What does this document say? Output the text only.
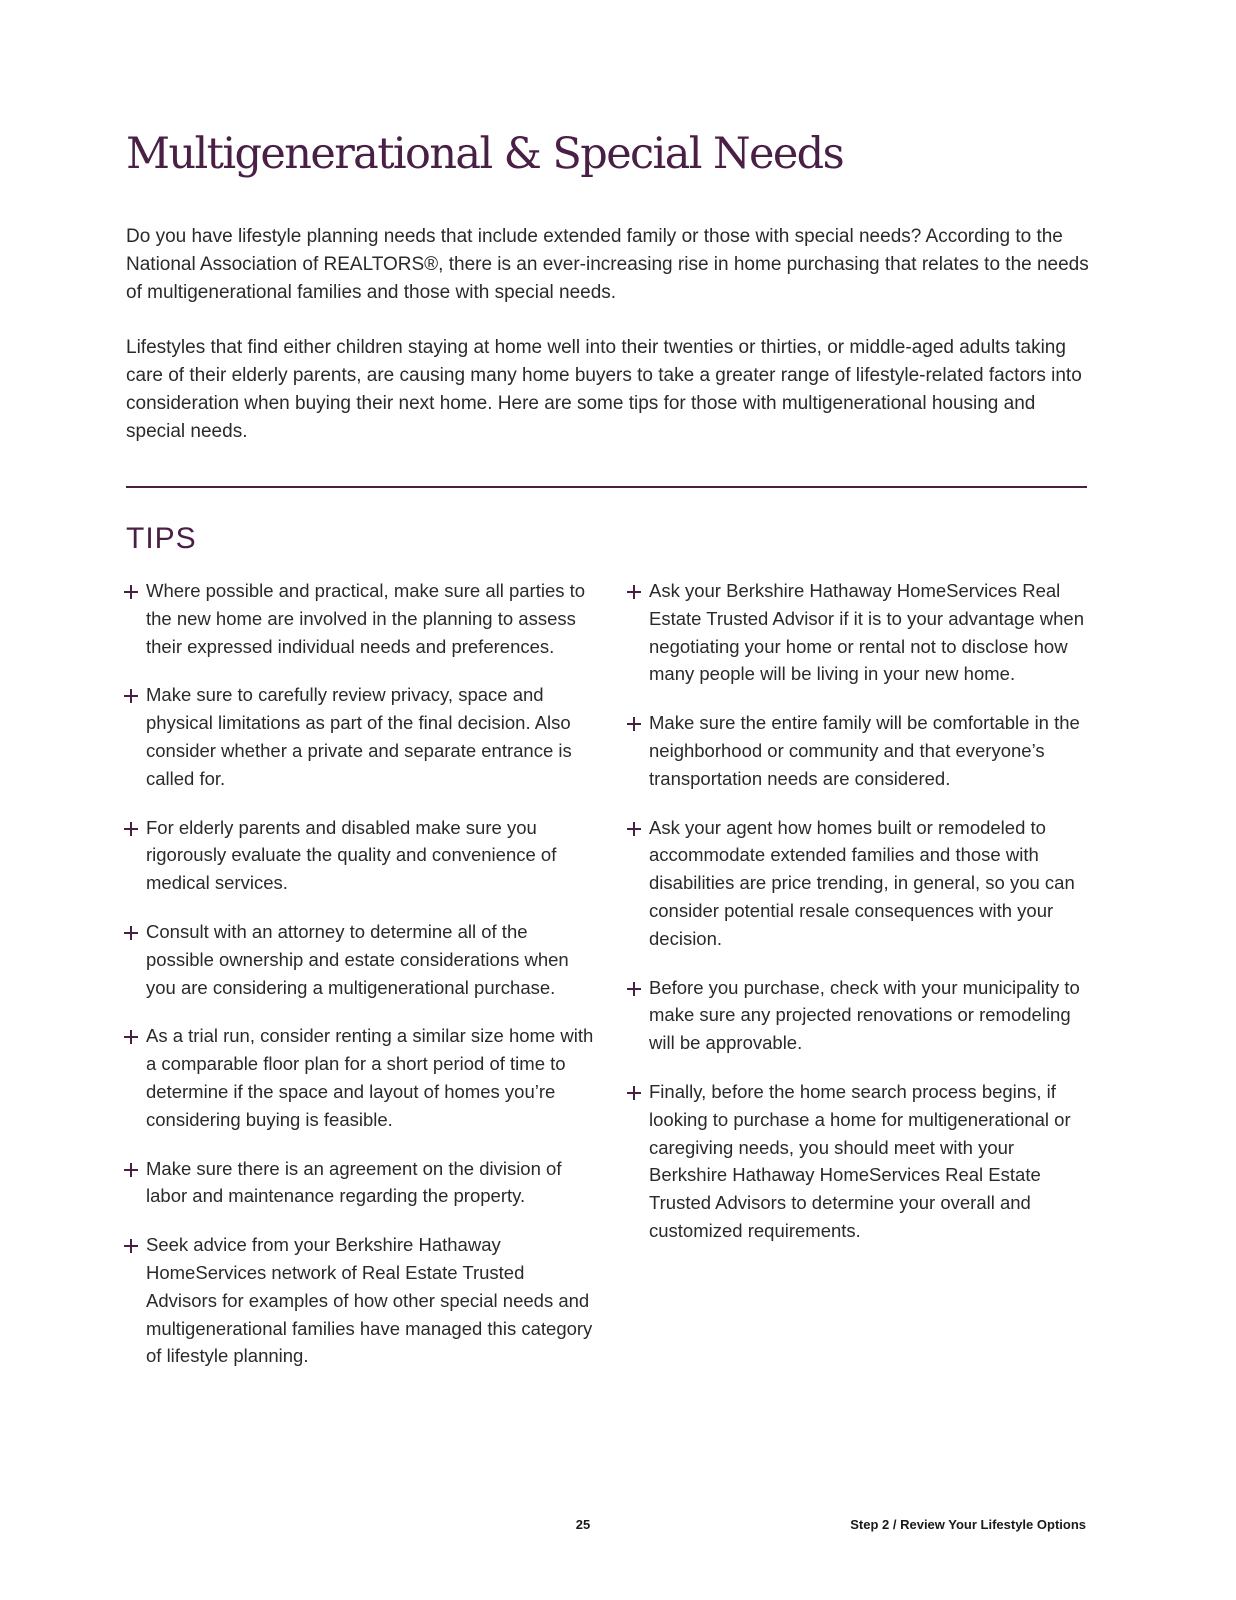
Multigenerational & Special Needs

Do you have lifestyle planning needs that include extended family or those with special needs? According to the National Association of REALTORS®, there is an ever-increasing rise in home purchasing that relates to the needs of multigenerational families and those with special needs.

Lifestyles that find either children staying at home well into their twenties or thirties, or middle-aged adults taking care of their elderly parents, are causing many home buyers to take a greater range of lifestyle-related factors into consideration when buying their next home. Here are some tips for those with multigenerational housing and special needs.

TIPS
Where possible and practical, make sure all parties to the new home are involved in the planning to assess their expressed individual needs and preferences.
Make sure to carefully review privacy, space and physical limitations as part of the final decision. Also consider whether a private and separate entrance is called for.
For elderly parents and disabled make sure you rigorously evaluate the quality and convenience of medical services.
Consult with an attorney to determine all of the possible ownership and estate considerations when you are considering a multigenerational purchase.
As a trial run, consider renting a similar size home with a comparable floor plan for a short period of time to determine if the space and layout of homes you’re considering buying is feasible.
Make sure there is an agreement on the division of labor and maintenance regarding the property.
Seek advice from your Berkshire Hathaway HomeServices network of Real Estate Trusted Advisors for examples of how other special needs and multigenerational families have managed this category of lifestyle planning.
Ask your Berkshire Hathaway HomeServices Real Estate Trusted Advisor if it is to your advantage when negotiating your home or rental not to disclose how many people will be living in your new home.
Make sure the entire family will be comfortable in the neighborhood or community and that everyone’s transportation needs are considered.
Ask your agent how homes built or remodeled to accommodate extended families and those with disabilities are price trending, in general, so you can consider potential resale consequences with your decision.
Before you purchase, check with your municipality to make sure any projected renovations or remodeling will be approvable.
Finally, before the home search process begins, if looking to purchase a home for multigenerational or caregiving needs, you should meet with your Berkshire Hathaway HomeServices Real Estate Trusted Advisors to determine your overall and customized requirements.
25	Step 2 / Review Your Lifestyle Options
